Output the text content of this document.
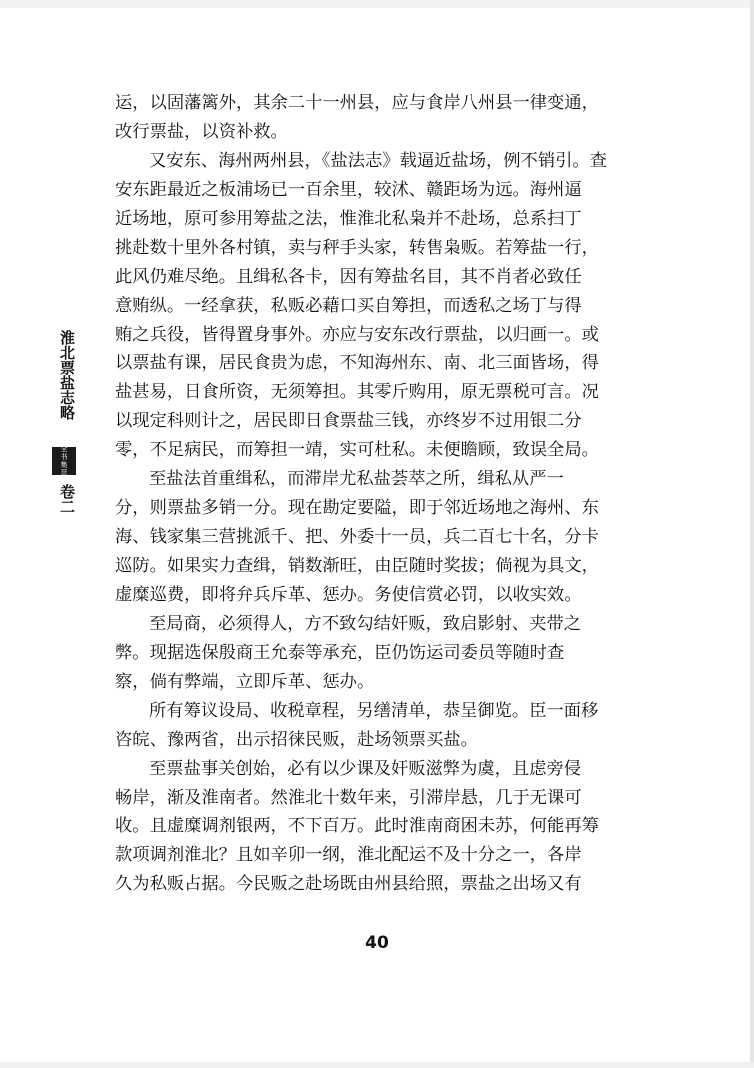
淮北票盐志略
全
书
集
萃
卷二
运，以固藩篱外，其余二十一州县，应与食岸八州县一律变通，
改行票盐，以资补救。
又安东、海州两州县，《盐法志》载逼近盐场，例不销引。查
安东距最近之板浦场已一百余里，较沭、赣距场为远。海州逼
近场地，原可参用筹盐之法，惟淮北私枭并不赴场，总系扫丁
挑赴数十里外各村镇，卖与秤手头家，转售枭贩。若筹盐一行，
此风仍难尽绝。且缉私各卡，因有筹盐名目，其不肖者必致任
意贿纵。一经拿获，私贩必藉口买自筹担，而透私之场丁与得
贿之兵役，皆得置身事外。亦应与安东改行票盐，以归画一。或
以票盐有课，居民食贵为虑，不知海州东、南、北三面皆场，得
盐甚易，日食所资，无须筹担。其零斤购用，原无票税可言。况
以现定科则计之，居民即日食票盐三钱，亦终岁不过用银二分
零，不足病民，而筹担一靖，实可杜私。未便瞻顾，致误全局。
至盐法首重缉私，而滞岸尤私盐荟萃之所，缉私从严一
分，则票盐多销一分。现在勘定要隘，即于邻近场地之海州、东
海、钱家集三营挑派千、把、外委十一员，兵二百七十名，分卡
巡防。如果实力查缉，销数渐旺，由臣随时奖拔；倘视为具文，
虚糜巡费，即将弁兵斥革、惩办。务使信赏必罚，以收实效。
至局商，必须得人，方不致勾结奸贩，致启影射、夹带之
弊。现据选保殷商王允泰等承充，臣仍饬运司委员等随时查
察，倘有弊端，立即斥革、惩办。
所有筹议设局、收税章程，另缮清单，恭呈御览。臣一面移
咨皖、豫两省，出示招徕民贩，赴场领票买盐。
至票盐事关创始，必有以少课及奸贩滋弊为虞，且虑旁侵
畅岸，渐及淮南者。然淮北十数年来，引滞岸悬，几于无课可
收。且虚糜调剂银两，不下百万。此时淮南商困未苏，何能再筹
款项调剂淮北？且如辛卯一纲，淮北配运不及十分之一，各岸
久为私贩占据。今民贩之赴场既由州县给照，票盐之出场又有
40
